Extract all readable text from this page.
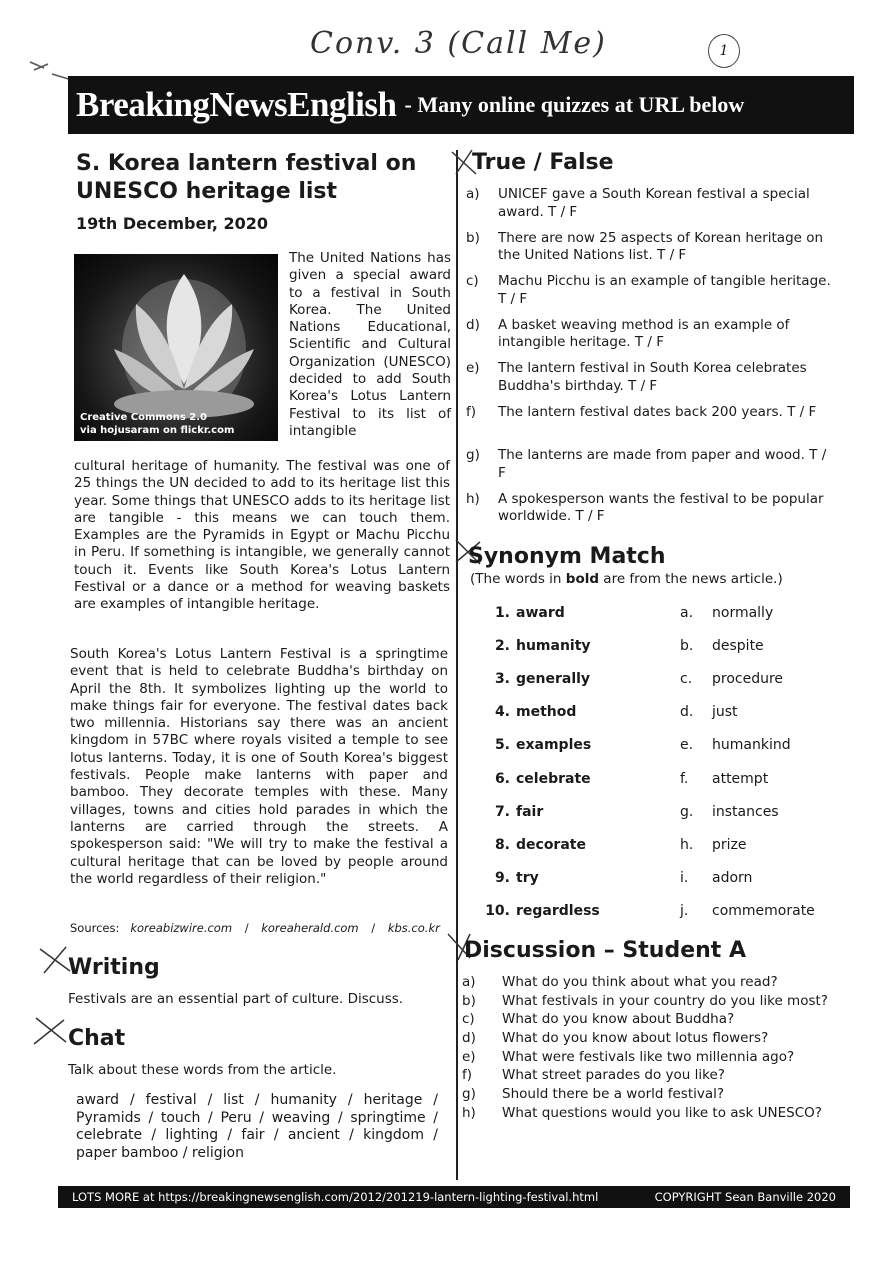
Conv. 3 (Call Me)	1
BreakingNewsEnglish - Many online quizzes at URL below
S. Korea lantern festival on UNESCO heritage list
19th December, 2020
Creative Commons 2.0
via hojusaram on flickr.com
The United Nations has given a special award to a festival in South Korea. The United Nations Educational, Scientific and Cultural Organization (UNESCO) decided to add South Korea's Lotus Lantern Festival to its list of intangible
cultural heritage of humanity. The festival was one of 25 things the UN decided to add to its heritage list this year. Some things that UNESCO adds to its heritage list are tangible - this means we can touch them. Examples are the Pyramids in Egypt or Machu Picchu in Peru. If something is intangible, we generally cannot touch it. Events like South Korea's Lotus Lantern Festival or a dance or a method for weaving baskets are examples of intangible heritage.
South Korea's Lotus Lantern Festival is a springtime event that is held to celebrate Buddha's birthday on April the 8th. It symbolizes lighting up the world to make things fair for everyone. The festival dates back two millennia. Historians say there was an ancient kingdom in 57BC where royals visited a temple to see lotus lanterns. Today, it is one of South Korea's biggest festivals. People make lanterns with paper and bamboo. They decorate temples with these. Many villages, towns and cities hold parades in which the lanterns are carried through the streets. A spokesperson said: "We will try to make the festival a cultural heritage that can be loved by people around the world regardless of their religion."
Sources: koreabizwire.com / koreaherald.com / kbs.co.kr
Writing
Festivals are an essential part of culture. Discuss.
Chat
Talk about these words from the article.
award / festival / list / humanity / heritage / Pyramids / touch / Peru / weaving / springtime / celebrate / lighting / fair / ancient / kingdom / paper bamboo / religion
True / False
a)	UNICEF gave a South Korean festival a special award. T / F
b)	There are now 25 aspects of Korean heritage on the United Nations list. T / F
c)	Machu Picchu is an example of tangible heritage. T / F
d)	A basket weaving method is an example of intangible heritage. T / F
e)	The lantern festival in South Korea celebrates Buddha's birthday. T / F
f)	The lantern festival dates back 200 years. T / F
g)	The lanterns are made from paper and wood. T / F
h)	A spokesperson wants the festival to be popular worldwide. T / F
Synonym Match
(The words in bold are from the news article.)
1. award	a.	normally
2. humanity	b.	despite
3. generally	c.	procedure
4. method	d.	just
5. examples	e.	humankind
6. celebrate	f.	attempt
7. fair	g.	instances
8. decorate	h.	prize
9. try	i.	adorn
10. regardless	j.	commemorate
Discussion – Student A
a)	What do you think about what you read?
b)	What festivals in your country do you like most?
c)	What do you know about Buddha?
d)	What do you know about lotus flowers?
e)	What were festivals like two millennia ago?
f)	What street parades do you like?
g)	Should there be a world festival?
h)	What questions would you like to ask UNESCO?
LOTS MORE at https://breakingnewsenglish.com/2012/201219-lantern-lighting-festival.html	COPYRIGHT Sean Banville 2020
